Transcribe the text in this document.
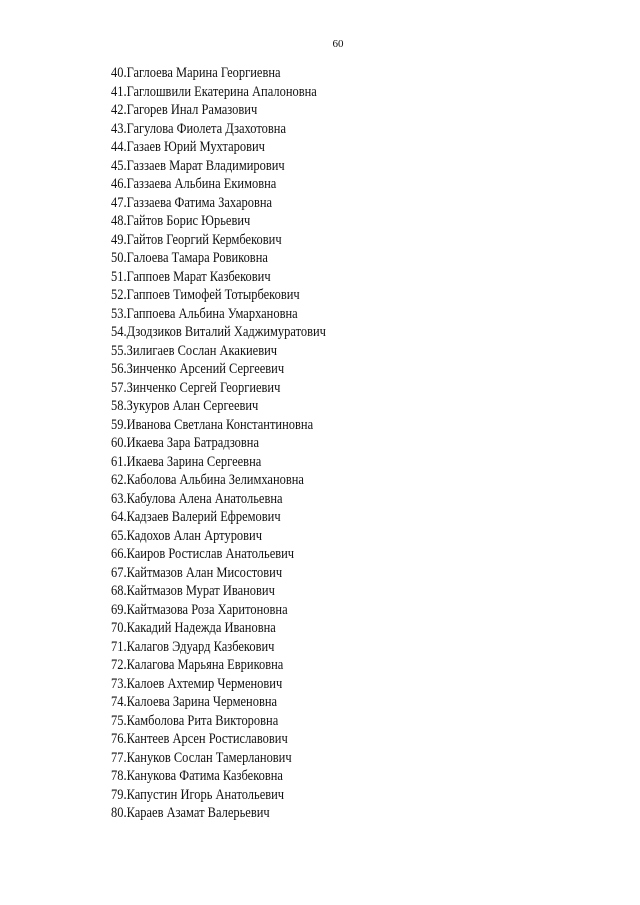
60
40.Гаглоева Марина Георгиевна
41.Гаглошвили Екатерина Апалоновна
42.Гагорев Инал Рамазович
43.Гагулова Фиолета Дзахотовна
44.Газаев Юрий Мухтарович
45.Газзаев Марат Владимирович
46.Газзаева Альбина Екимовна
47.Газзаева Фатима Захаровна
48.Гайтов Борис Юрьевич
49.Гайтов Георгий Кермбекович
50.Галоева Тамара Ровиковна
51.Гаппоев Марат Казбекович
52.Гаппоев Тимофей Тотырбекович
53.Гаппоева Альбина Умархановна
54.Дзодзиков Виталий Хаджимуратович
55.Зилигаев Сослан Акакиевич
56.Зинченко Арсений Сергеевич
57.Зинченко Сергей Георгиевич
58.Зукуров Алан Сергеевич
59.Иванова Светлана Константиновна
60.Икаева Зара Батрадзовна
61.Икаева Зарина Сергеевна
62.Каболова Альбина Зелимхановна
63.Кабулова Алена Анатольевна
64.Кадзаев Валерий Ефремович
65.Кадохов Алан Артурович
66.Каиров Ростислав Анатольевич
67.Кайтмазов Алан Мисостович
68.Кайтмазов Мурат Иванович
69.Кайтмазова Роза Харитоновна
70.Какадий Надежда Ивановна
71.Калагов Эдуард Казбекович
72.Калагова Марьяна Евриковна
73.Калоев Ахтемир Черменович
74.Калоева Зарина Черменовна
75.Камболова Рита Викторовна
76.Кантеев Арсен Ростиславович
77.Кануков Сослан Тамерланович
78.Канукова Фатима Казбековна
79.Капустин Игорь Анатольевич
80.Караев Азамат Валерьевич
